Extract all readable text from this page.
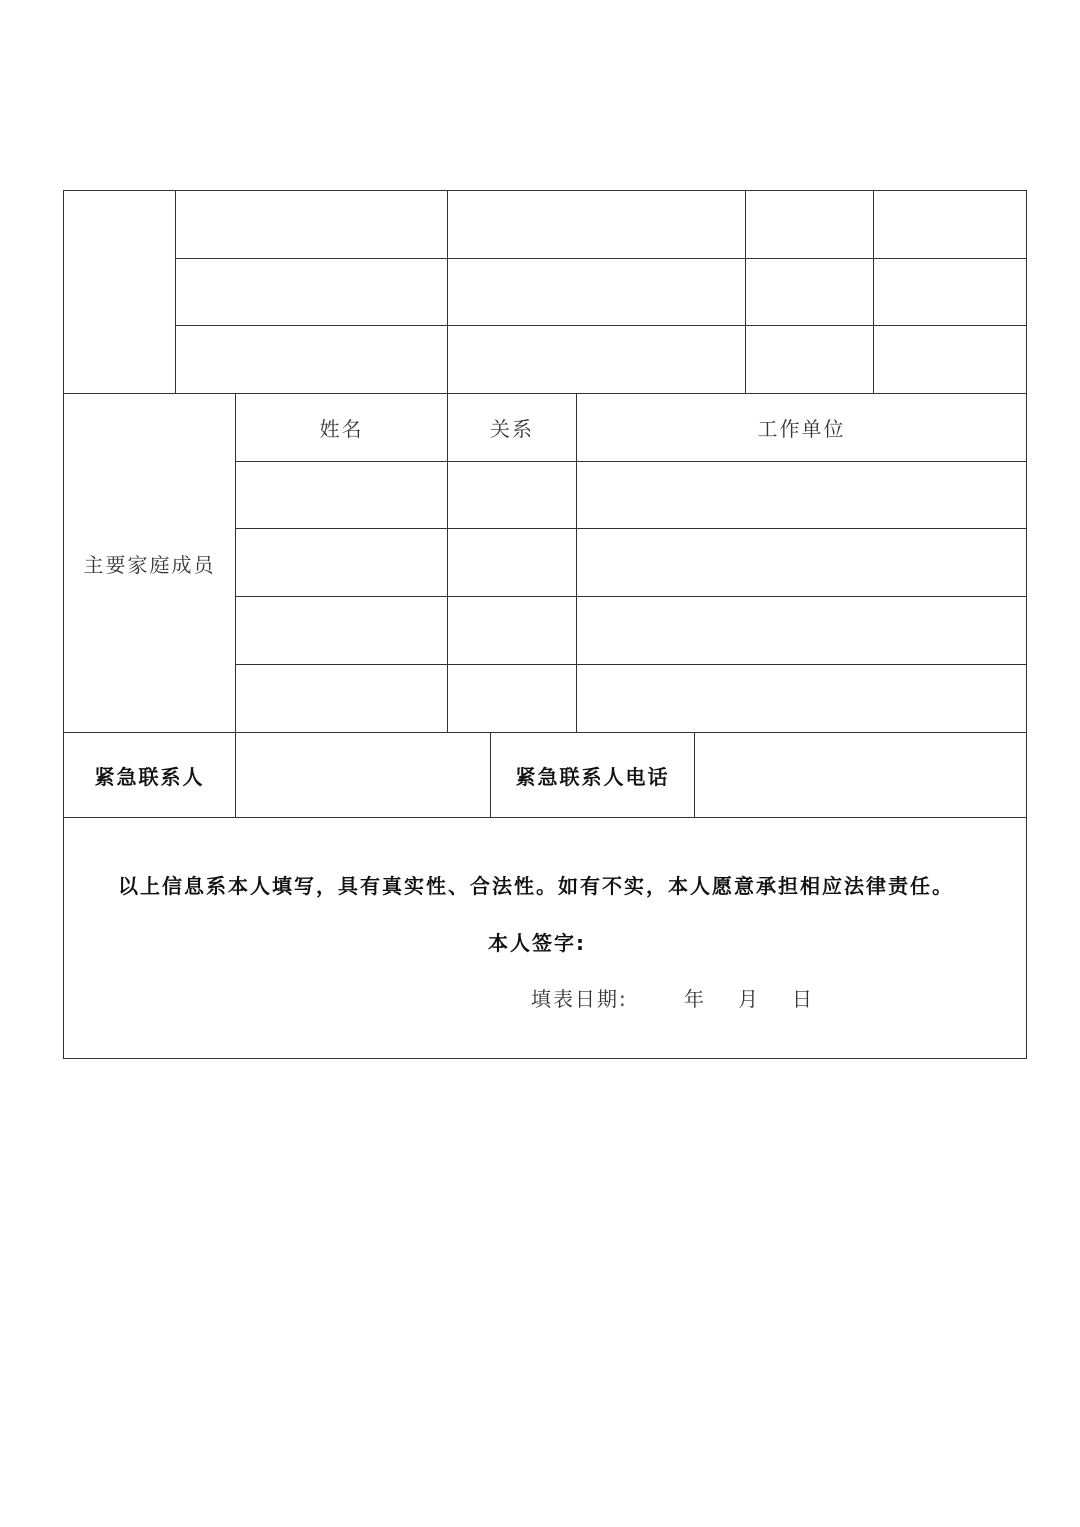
主要家庭成员
姓名	关系	工作单位
紧急联系人	紧急联系人电话
以上信息系本人填写，具有真实性、合法性。如有不实，本人愿意承担相应法律责任。
本人签字:
填表日期:	年 月 日
